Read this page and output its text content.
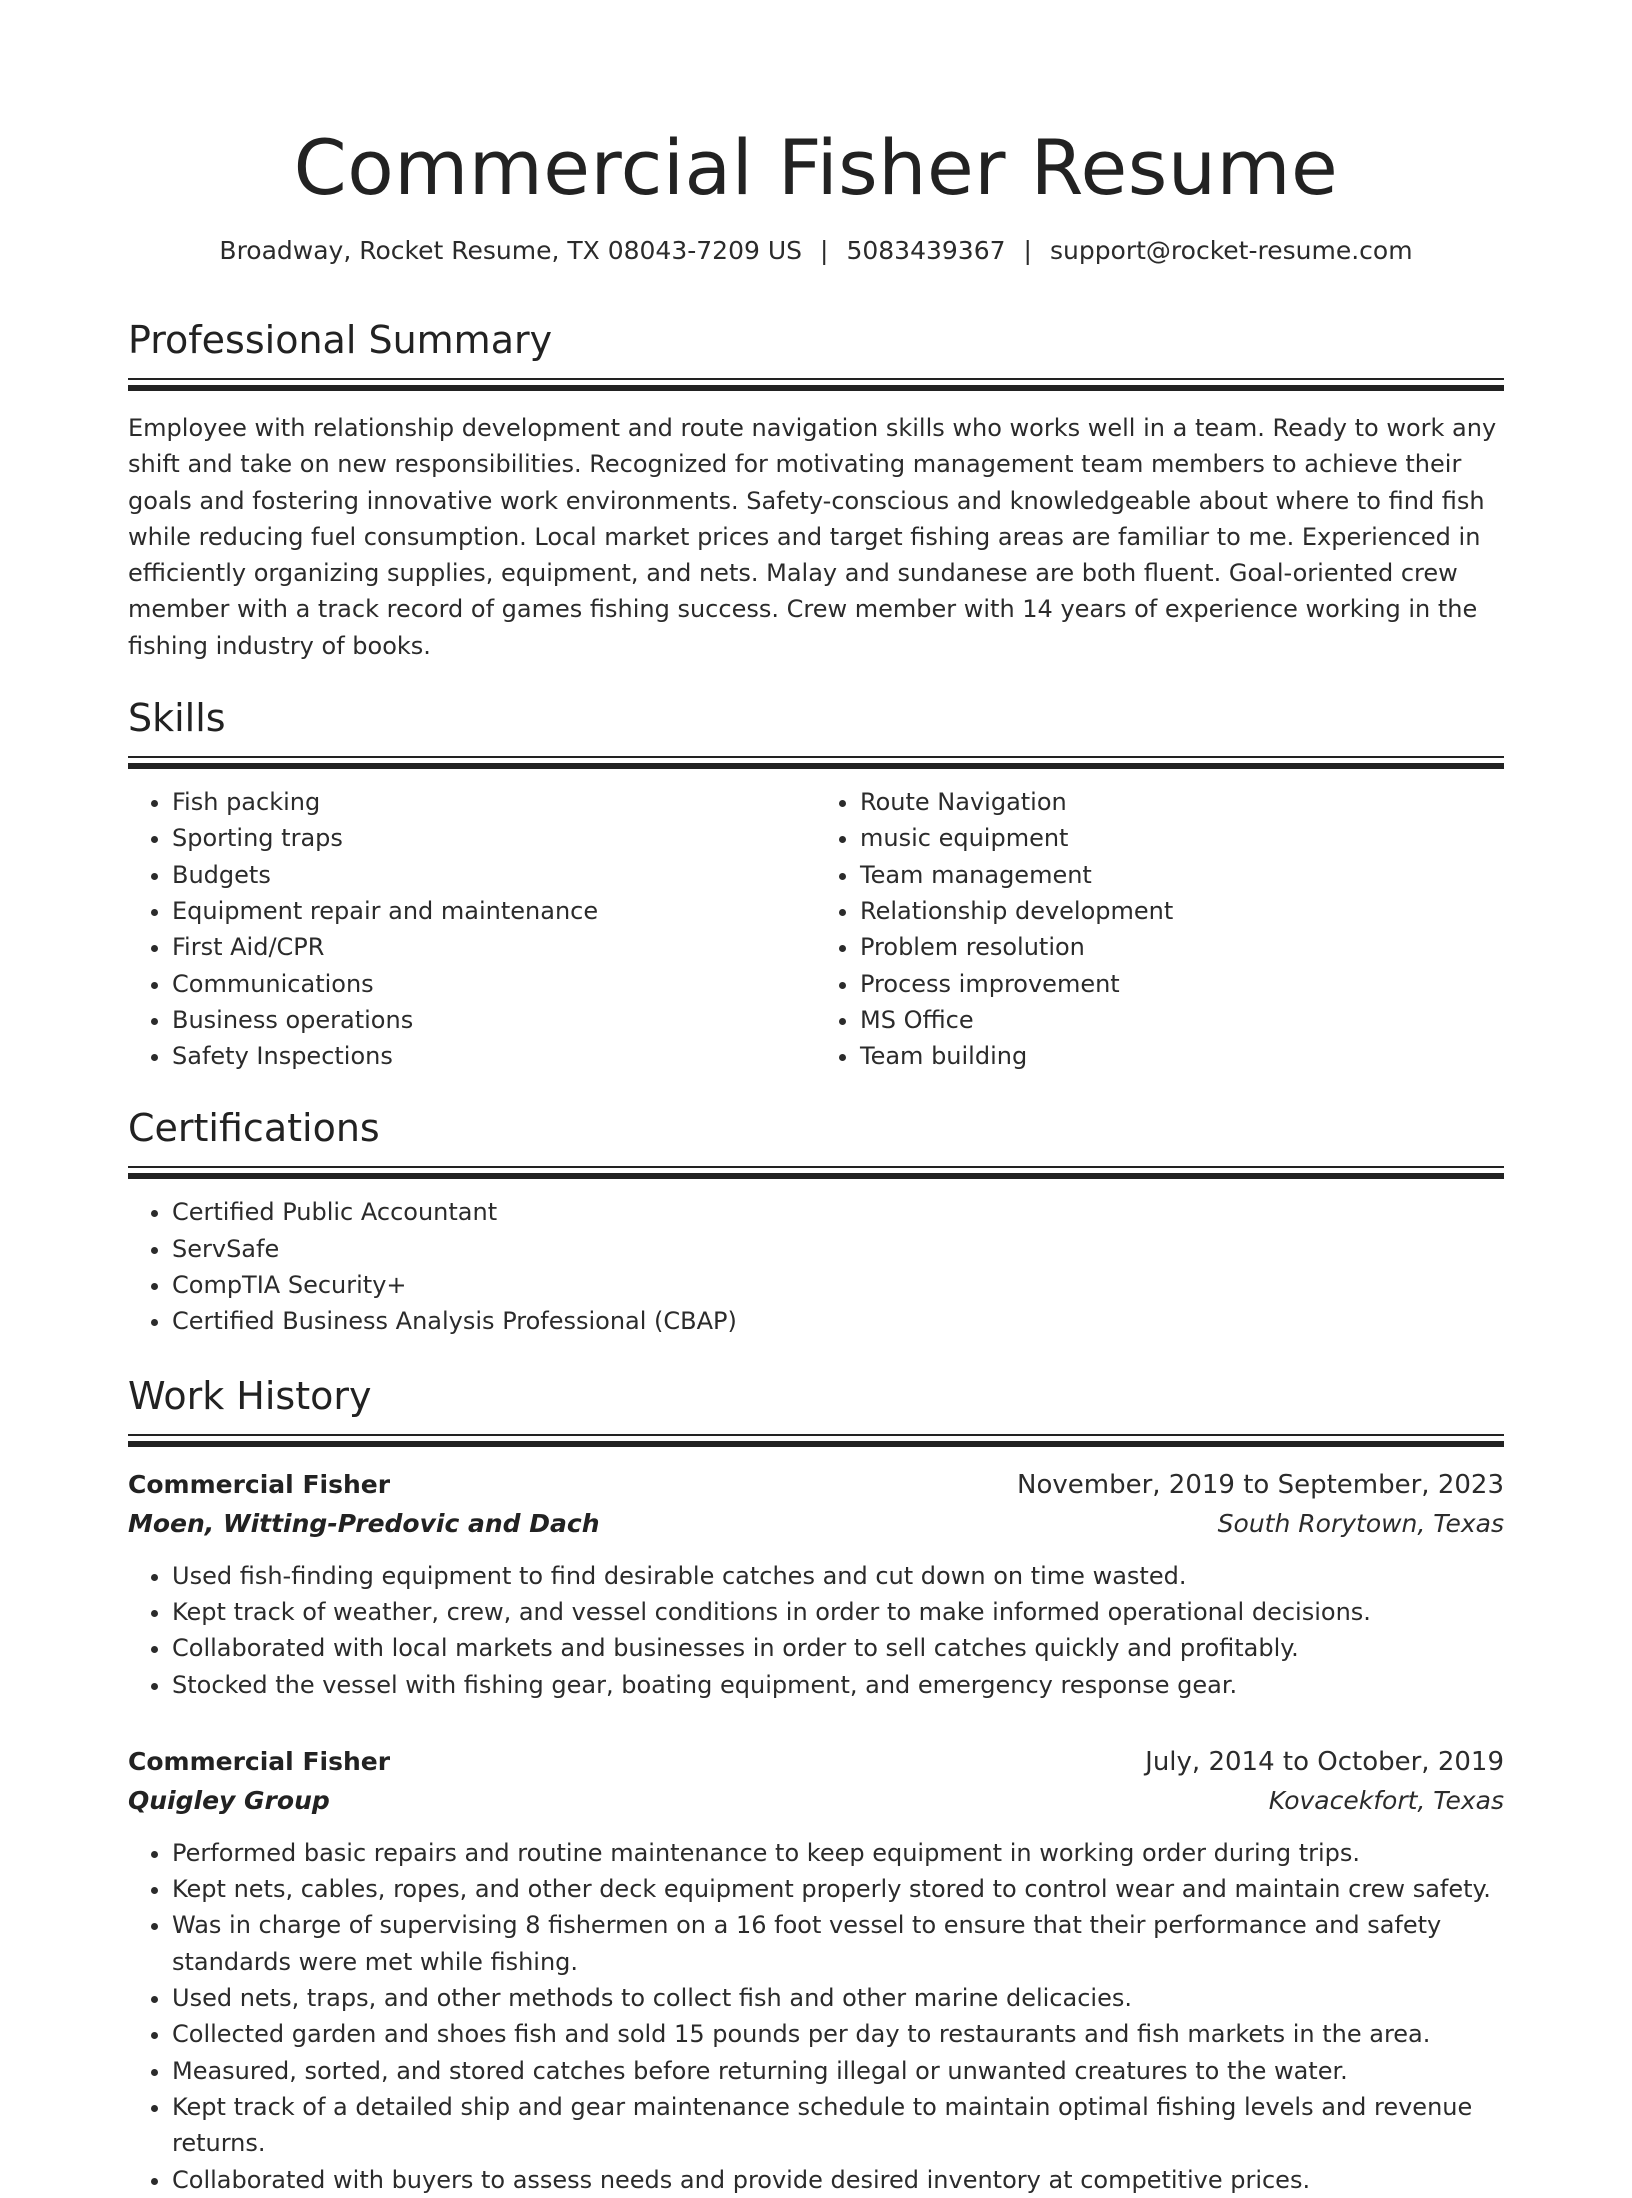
Commercial Fisher Resume
Broadway, Rocket Resume, TX 08043-7209 US | 5083439367 | support@rocket-resume.com
Professional Summary

Employee with relationship development and route navigation skills who works well in a team. Ready to work any shift and take on new responsibilities. Recognized for motivating management team members to achieve their goals and fostering innovative work environments. Safety-conscious and knowledgeable about where to find fish while reducing fuel consumption. Local market prices and target fishing areas are familiar to me. Experienced in efficiently organizing supplies, equipment, and nets. Malay and sundanese are both fluent. Goal-oriented crew member with a track record of games fishing success. Crew member with 14 years of experience working in the fishing industry of books.

Skills
• Fish packing
• Sporting traps
• Budgets
• Equipment repair and maintenance
• First Aid/CPR
• Communications
• Business operations
• Safety Inspections
• Route Navigation
• music equipment
• Team management
• Relationship development
• Problem resolution
• Process improvement
• MS Office
• Team building
Certifications
• Certified Public Accountant
• ServSafe
• CompTIA Security+
• Certified Business Analysis Professional (CBAP)
Work History
Commercial Fisher	November, 2019 to September, 2023
Moen, Witting-Predovic and Dach	South Rorytown, Texas
• Used fish-finding equipment to find desirable catches and cut down on time wasted.
• Kept track of weather, crew, and vessel conditions in order to make informed operational decisions.
• Collaborated with local markets and businesses in order to sell catches quickly and profitably.
• Stocked the vessel with fishing gear, boating equipment, and emergency response gear.
Commercial Fisher	July, 2014 to October, 2019
Quigley Group	Kovacekfort, Texas
• Performed basic repairs and routine maintenance to keep equipment in working order during trips.
• Kept nets, cables, ropes, and other deck equipment properly stored to control wear and maintain crew safety.
• Was in charge of supervising 8 fishermen on a 16 foot vessel to ensure that their performance and safety standards were met while fishing.
• Used nets, traps, and other methods to collect fish and other marine delicacies.
• Collected garden and shoes fish and sold 15 pounds per day to restaurants and fish markets in the area.
• Measured, sorted, and stored catches before returning illegal or unwanted creatures to the water.
• Kept track of a detailed ship and gear maintenance schedule to maintain optimal fishing levels and revenue returns.
• Collaborated with buyers to assess needs and provide desired inventory at competitive prices.
